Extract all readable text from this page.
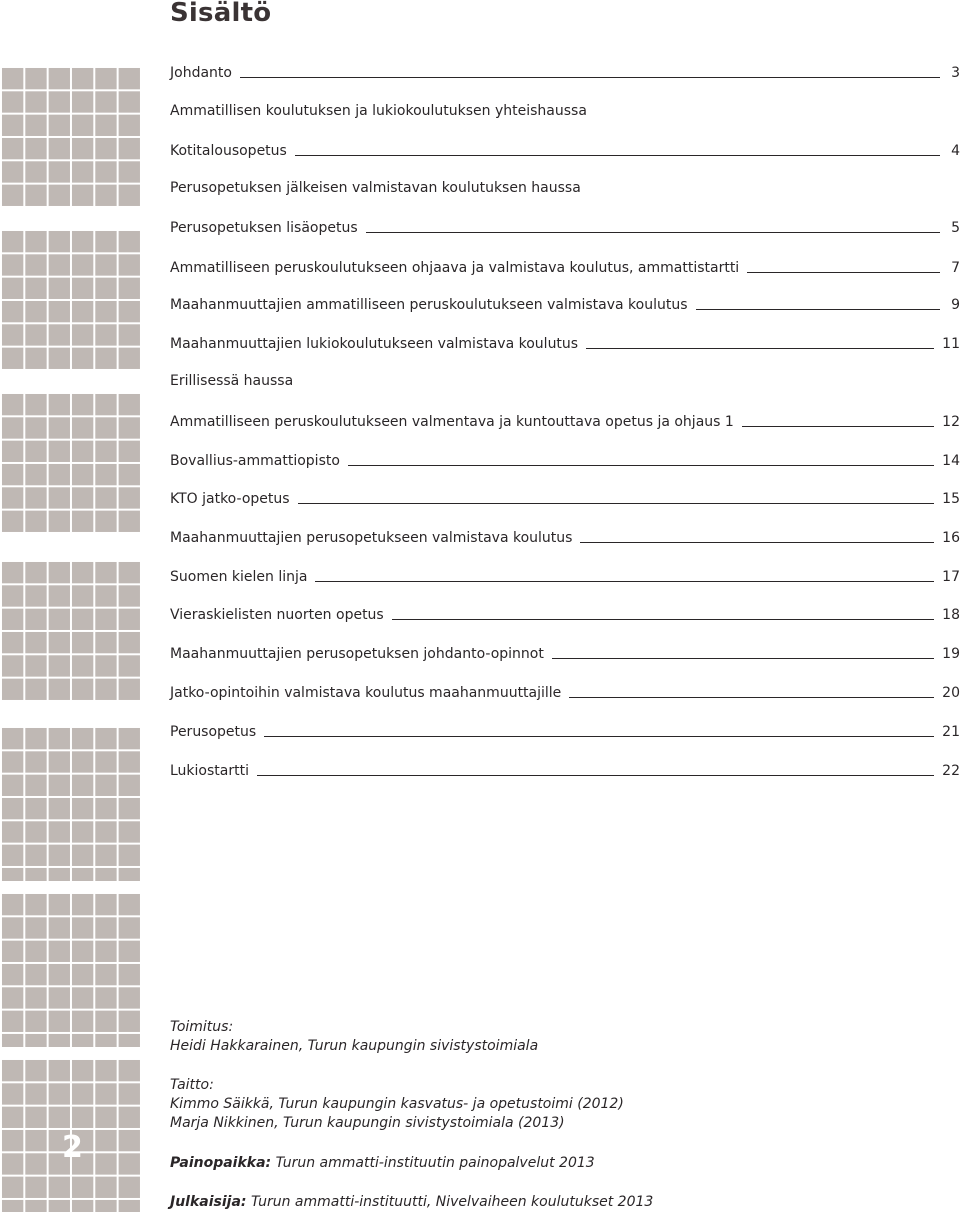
Sisältö
2
Johdanto	3
Ammatillisen koulutuksen ja lukiokoulutuksen yhteishaussa
Kotitalousopetus	4
Perusopetuksen jälkeisen valmistavan koulutuksen haussa
Perusopetuksen lisäopetus	5
Ammatilliseen peruskoulutukseen ohjaava ja valmistava koulutus, ammattistartti	7
Maahanmuuttajien ammatilliseen peruskoulutukseen valmistava koulutus	9
Maahanmuuttajien lukiokoulutukseen valmistava koulutus	11
Erillisessä haussa
Ammatilliseen peruskoulutukseen valmentava ja kuntouttava opetus ja ohjaus 1	12
Bovallius-ammattiopisto	14
KTO jatko-opetus	15
Maahanmuuttajien perusopetukseen valmistava koulutus	16
Suomen kielen linja	17
Vieraskielisten nuorten opetus	18
Maahanmuuttajien perusopetuksen johdanto-opinnot	19
Jatko-opintoihin valmistava koulutus maahanmuuttajille	20
Perusopetus	21
Lukiostartti	22
Toimitus:
Heidi Hakkarainen, Turun kaupungin sivistystoimiala
Taitto:
Kimmo Säikkä, Turun kaupungin kasvatus- ja opetustoimi (2012)
Marja Nikkinen, Turun kaupungin sivistystoimiala (2013)
Painopaikka: Turun ammatti-instituutin painopalvelut 2013
Julkaisija: Turun ammatti-instituutti, Nivelvaiheen koulutukset 2013
